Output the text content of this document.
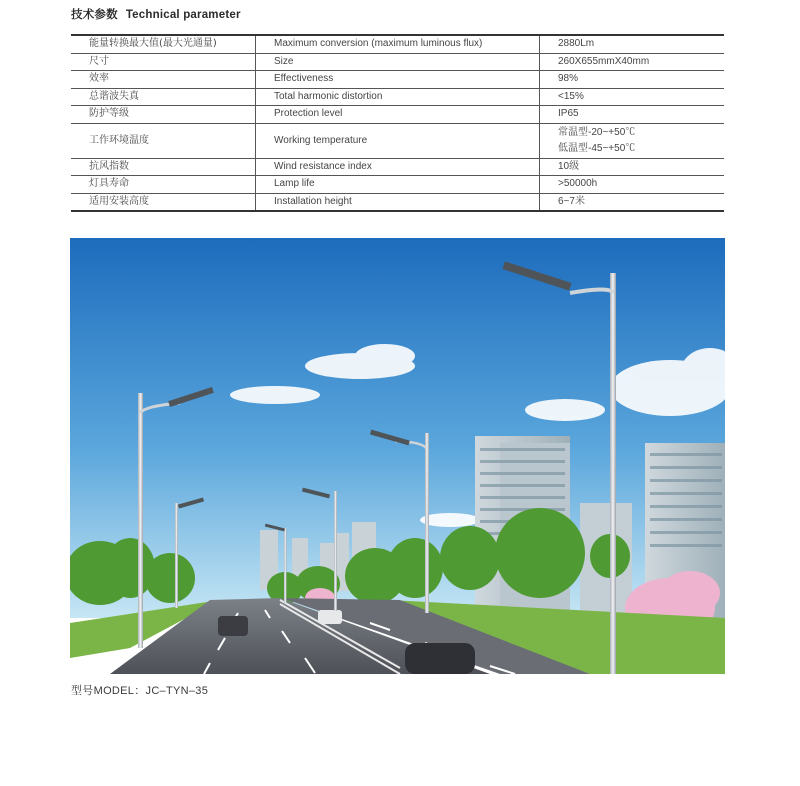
技术参数 Technical parameter
能量转换最大值(最大光通量)	Maximum conversion (maximum luminous flux)	2880Lm
尺寸	Size	260X655mmX40mm
效率	Effectiveness	98%
总谐波失真	Total harmonic distortion	<15%
防护等级	Protection level	IP65
工作环境温度	Working temperature	常温型-20~+50℃
低温型-45~+50℃

抗风指数	Wind resistance index	10级
灯具寿命	Lamp life	>50000h
适用安装高度	Installation height	6~7米
型号MODEL：JC–TYN–35
